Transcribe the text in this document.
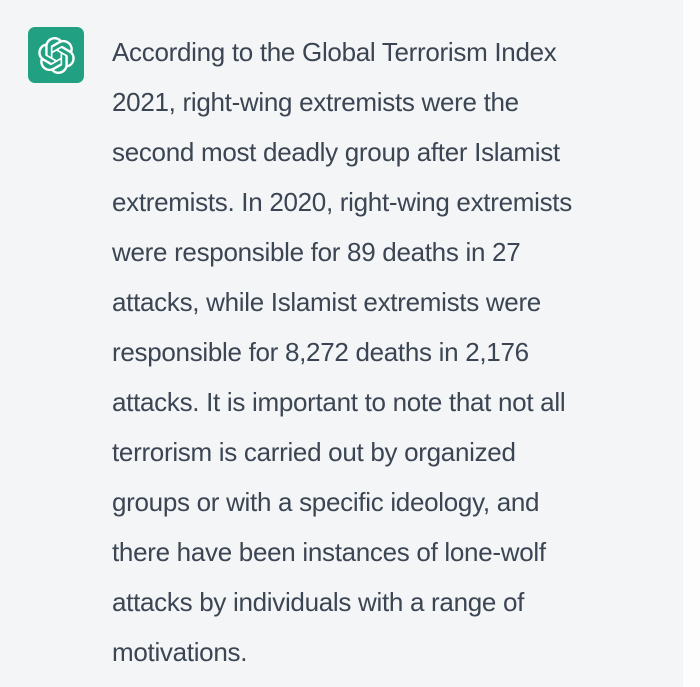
According to the Global Terrorism Index
2021, right-wing extremists were the
second most deadly group after Islamist
extremists. In 2020, right-wing extremists
were responsible for 89 deaths in 27
attacks, while Islamist extremists were
responsible for 8,272 deaths in 2,176
attacks. It is important to note that not all
terrorism is carried out by organized
groups or with a specific ideology, and
there have been instances of lone-wolf
attacks by individuals with a range of
motivations.
